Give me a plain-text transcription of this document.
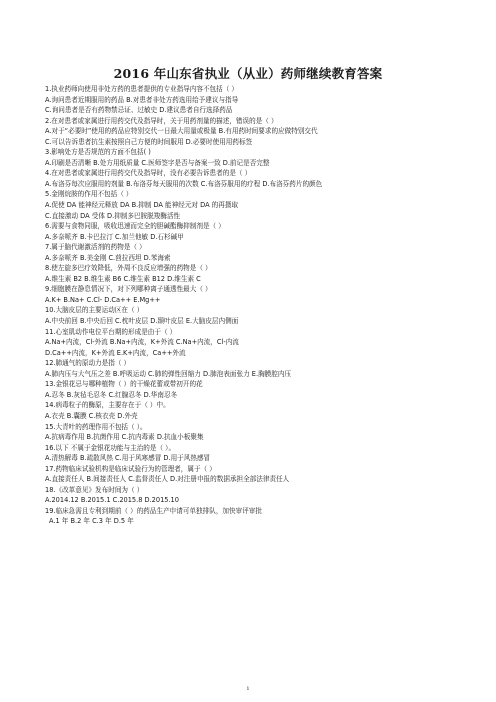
2016 年山东省执业（从业）药师继续教育答案
1.执业药师向使用非处方药的患者提供的专业指导内容不包括（ ）
A.询问患者近期服用的药品 B.对患者非处方药选用给予建议与指导
C.询问患者是否有药物禁忌证、过敏史 D.建议患者自行选择药品
2.在对患者或家属进行用药交代及指导时，关于用药剂量的描述，错误的是（ ）
A.对于“必要时”使用的药品应特别交代一日最大用量或极量 B.有用药时间要求的应做特别交代
C.可以告诉患者抗生素按照自己方便的时间服用 D.必要时使用用药标签
3.影响处方是否规范的方面不包括( )
A.印刷是否清晰 B.处方用纸质量 C.医师签字是否与备案一致 D.前记是否完整
4.在对患者或家属进行用药交代及指导时，没有必要告诉患者的是（ ）
A.布洛芬每次应服用的剂量 B.布洛芬每天服用的次数 C.布洛芬服用的疗程 D.布洛芬药片的颜色
5.金刚烷胺的作用不包括（ ）
A.促使 DA 能神经元释放 DA B.抑制 DA 能神经元对 DA 的再摄取
C.直接激动 DA 受体 D.抑制多巴胺脱羧酶活性
6.需要与食物同服，吸收迅速而完全的胆碱酯酶抑制剂是（ ）
A.多奈哌齐 B.卡巴拉汀 C.加兰他敏 D.石杉碱甲
7.属于脑代谢激活剂的药物是（ ）
A.多奈哌齐 B.美金刚 C.茴拉西坦 D.苯海索
8.使左旋多巴疗效降低，外周不良反应增强的药物是（ ）
A.维生素 B2 B.维生素 B6 C.维生素 B12 D.维生素 C
9.细胞膜在静息情况下，对下列哪种离子通透性最大（ ）
A.K+ B.Na+ C.Cl- D.Ca++ E.Mg++
10.大脑皮层的主要运动区在（ ）
A.中央前回 B.中央后回 C.枕叶皮层 D.颞叶皮层 E.大脑皮层内侧面
11.心室肌动作电位平台期的形成是由于（ ）
A.Na+内流，Cl-外流 B.Na+内流，K+外流 C.Na+内流，Cl-内流
D.Ca++内流，K+外流 E.K+内流，Ca++外流
12.肺通气的原动力是指（ ）
A.肺内压与大气压之差 B.呼吸运动 C.肺的弹性回缩力 D.肺泡表面张力 E.胸膜腔内压
13.金银花忌与哪种植物（ ）的干燥花蕾或带初开的花
A.忍冬 B.灰毡毛忍冬 C.红腺忍冬 D.华南忍冬
14.病毒粒子的酶原，主要存在于（ ）中。
A.衣壳 B.囊膜 C.核衣壳 D.外壳
15.大青叶的药理作用不包括（ ）。
A.抗病毒作用 B.抗菌作用 C.抗内毒素 D.抗血小板聚集
16.以下 不属于金银花功能与主治的是（ ）。
A.清热解毒 B.疏散风热 C.用于风寒感冒 D.用于风热感冒
17.药物临床试验机构是临床试验行为的管理者，属于（ ）
A.直接责任人 B.间接责任人 C.监督责任人 D.对注册申报的数据承担全部法律责任人
18.《改革意见》发布时间为（ ）
A.2014.12 B.2015.1 C.2015.8 D.2015.10
19.临床急需且专利到期前（ ）的药品生产申请可单独排队，加快审评审批
A.1 年 B.2 年 C.3 年 D.5 年
1
